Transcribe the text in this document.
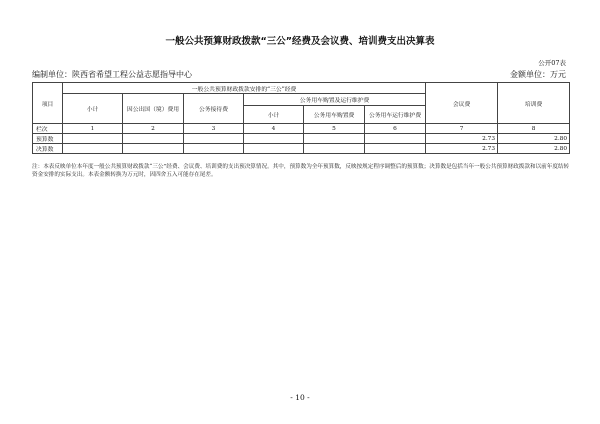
一般公共预算财政拨款“三公”经费及会议费、培训费支出决算表
公开07表
编制单位：陕西省希望工程公益志愿指导中心	金额单位：万元
项目	一般公共预算财政拨款安排的“三公”经费						会议费	培训费
	小计	因公出国（境）费用	公务接待费	公务用车购置及运行维护费				
				小计	公务用车购置费	公务用车运行维护费		
栏次	1	2	3	4	5	6	7	8
预算数							2.73	2.80
决算数							2.73	2.80
注：本表反映单位本年度一般公共预算财政拨款“三公”经费、会议费、培训费的支出预决算情况。其中，预算数为全年预算数，反映按规定程序调整后的预算数；决算数是包括当年一般公共预算财政拨款和以前年度结转资金安排的实际支出。本表金额转换为万元时，因四舍五入可能存在尾差。
- 10 -
